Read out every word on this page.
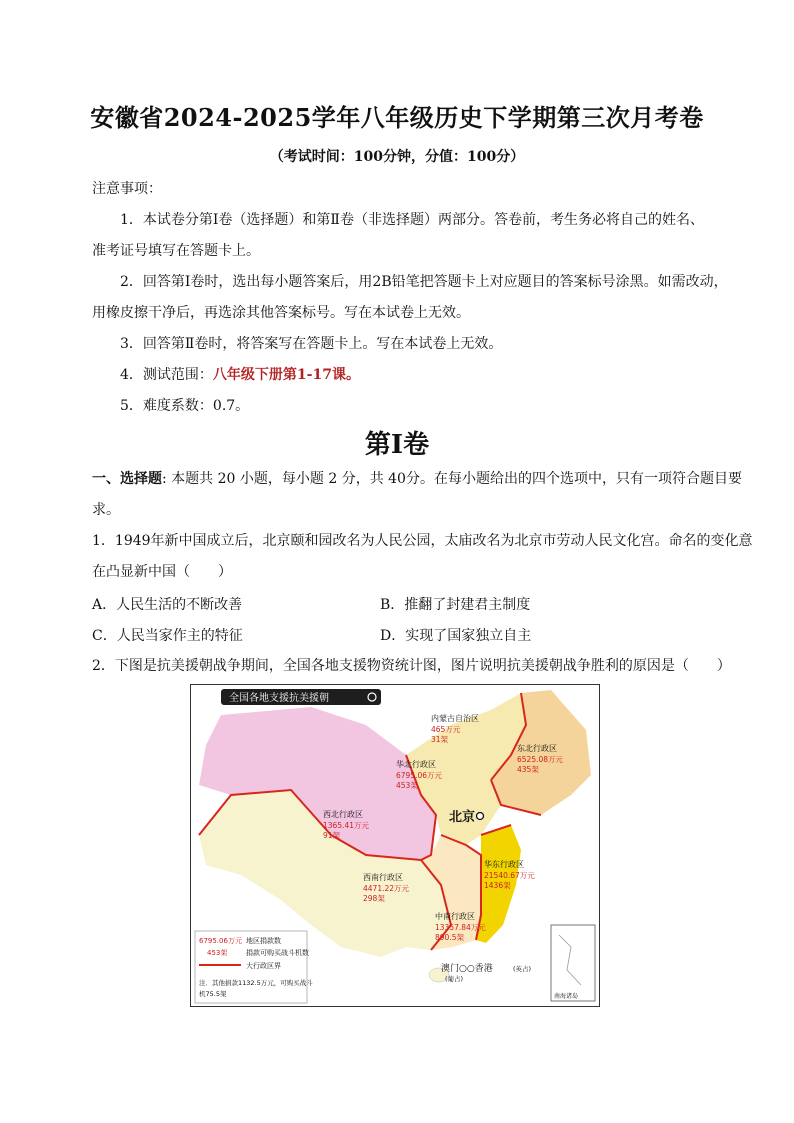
安徽省2024-2025学年八年级历史下学期第三次月考卷
（考试时间：100分钟，分值：100分）
注意事项：
1．本试卷分第Ⅰ卷（选择题）和第Ⅱ卷（非选择题）两部分。答卷前，考生务必将自己的姓名、
准考证号填写在答题卡上。
2．回答第Ⅰ卷时，选出每小题答案后，用2B铅笔把答题卡上对应题目的答案标号涂黑。如需改动，
用橡皮擦干净后，再选涂其他答案标号。写在本试卷上无效。
3．回答第Ⅱ卷时，将答案写在答题卡上。写在本试卷上无效。
4．测试范围：八年级下册第1-17课。
5．难度系数：0.7。
第Ⅰ卷
一、选择题: 本题共 20 小题，每小题 2 分，共 40分。在每小题给出的四个选项中，只有一项符合题目要
求。
1．1949年新中国成立后，北京颐和园改名为人民公园，太庙改名为北京市劳动人民文化宫。命名的变化意
在凸显新中国（　　）
A．人民生活的不断改善	B．推翻了封建君主制度
C．人民当家作主的特征	D．实现了国家独立自主
2．下图是抗美援朝战争期间，全国各地支援物资统计图，图片说明抗美援朝战争胜利的原因是（　　）
全国各地支援抗美援朝
北京
内蒙古自治区
465万元
31架
东北行政区
6525.08万元
435架
华北行政区
6795.06万元
453架
西北行政区
1365.41万元
91架
华东行政区
21540.67万元
1436架
西南行政区
4471.22万元
298架
中南行政区
13357.84万元
890.5架
澳门○○香港	(英占)
(葡占)
南海诸岛
6795.06万元 地区捐款数
453架	捐款可购买战斗机数
大行政区界
注．其他捐款1132.5万元，可购买战斗
机75.5架
